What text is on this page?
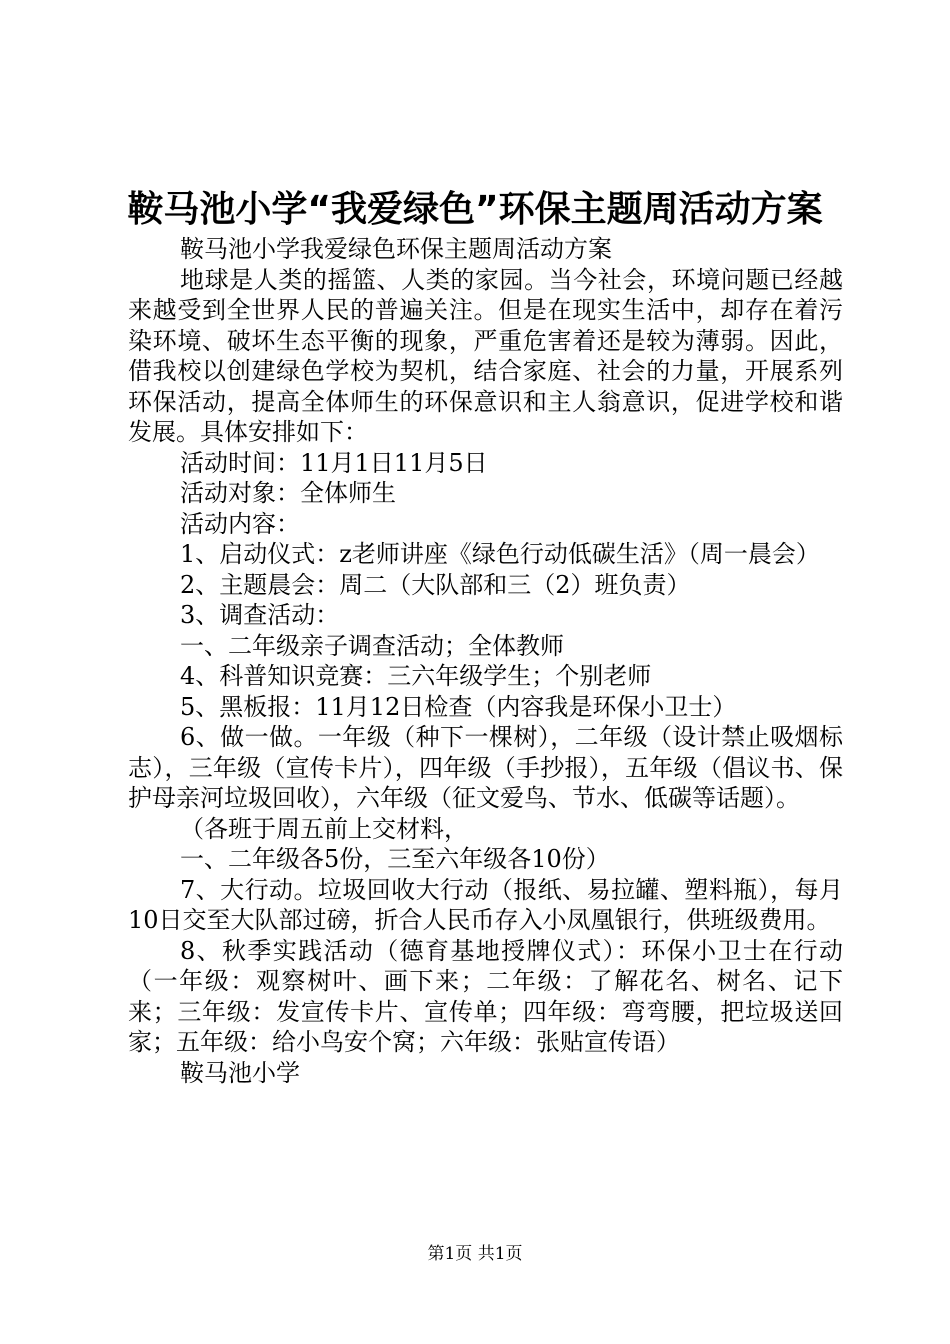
鞍马池小学“我爱绿色”环保主题周活动方案

鞍马池小学我爱绿色环保主题周活动方案

地球是人类的摇篮、人类的家园。当今社会，环境问题已经越来越受到全世界人民的普遍关注。但是在现实生活中，却存在着污染环境、破坏生态平衡的现象，严重危害着还是较为薄弱。因此，借我校以创建绿色学校为契机，结合家庭、社会的力量，开展系列环保活动，提高全体师生的环保意识和主人翁意识，促进学校和谐发展。具体安排如下：

活动时间：11月1日11月5日

活动对象：全体师生

活动内容：

1、启动仪式：z老师讲座《绿色行动低碳生活》（周一晨会）

2、主题晨会：周二（大队部和三（2）班负责）

3、调查活动：

一、二年级亲子调查活动；全体教师

4、科普知识竞赛：三六年级学生；个别老师

5、黑板报：11月12日检查（内容我是环保小卫士）

6、做一做。一年级（种下一棵树），二年级（设计禁止吸烟标志），三年级（宣传卡片），四年级（手抄报），五年级（倡议书、保护母亲河垃圾回收），六年级（征文爱鸟、节水、低碳等话题）。

（各班于周五前上交材料，

一、二年级各5份，三至六年级各10份）

7、大行动。垃圾回收大行动（报纸、易拉罐、塑料瓶），每月10日交至大队部过磅，折合人民币存入小凤凰银行，供班级费用。

8、秋季实践活动（德育基地授牌仪式）：环保小卫士在行动（一年级：观察树叶、画下来；二年级：了解花名、树名、记下来；三年级：发宣传卡片、宣传单；四年级：弯弯腰，把垃圾送回家；五年级：给小鸟安个窝；六年级：张贴宣传语）

鞍马池小学

第1页 共1页
